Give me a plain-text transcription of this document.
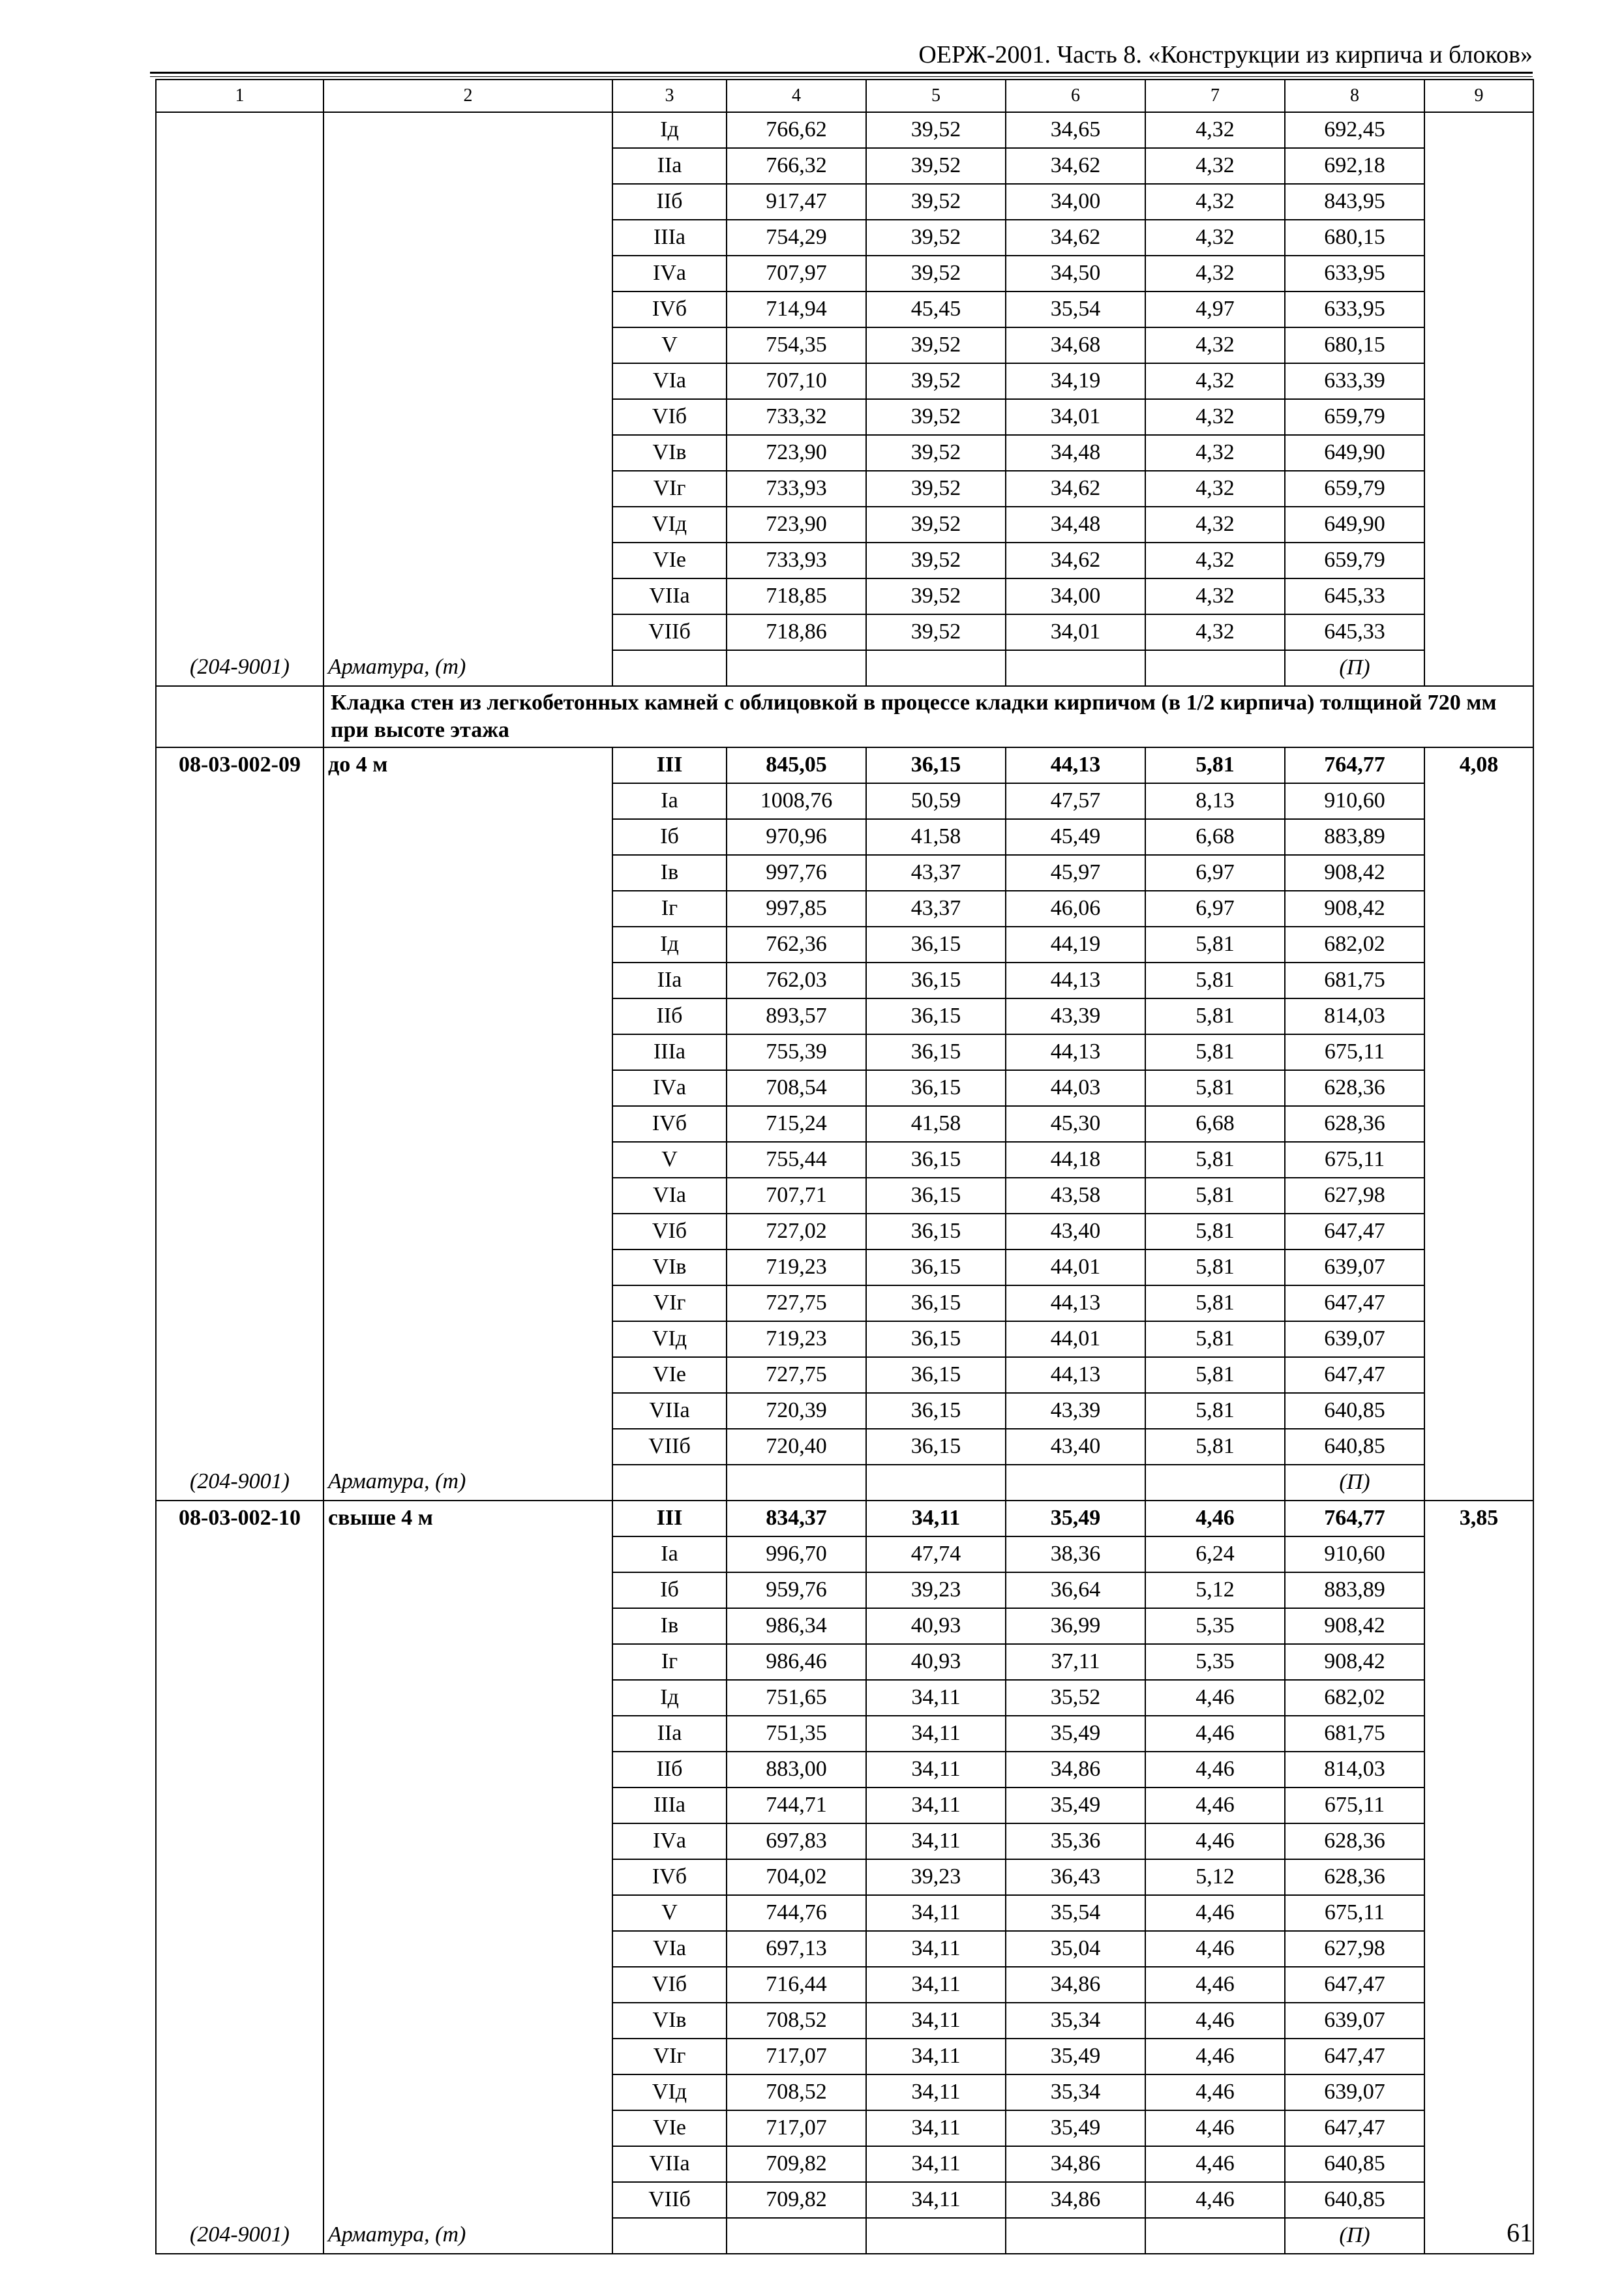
ОЕРЖ-2001. Часть 8. «Конструкции из кирпича и блоков»
1	2	3	4	5	6	7	8	9
		Iд	766,62	39,52	34,65	4,32	692,45	
		IIа	766,32	39,52	34,62	4,32	692,18	
		IIб	917,47	39,52	34,00	4,32	843,95	
		IIIа	754,29	39,52	34,62	4,32	680,15	
		IVа	707,97	39,52	34,50	4,32	633,95	
		IVб	714,94	45,45	35,54	4,97	633,95	
		V	754,35	39,52	34,68	4,32	680,15	
		VIа	707,10	39,52	34,19	4,32	633,39	
		VIб	733,32	39,52	34,01	4,32	659,79	
		VIв	723,90	39,52	34,48	4,32	649,90	
		VIг	733,93	39,52	34,62	4,32	659,79	
		VIд	723,90	39,52	34,48	4,32	649,90	
		VIе	733,93	39,52	34,62	4,32	659,79	
		VIIа	718,85	39,52	34,00	4,32	645,33	
		VIIб	718,86	39,52	34,01	4,32	645,33	
(204-9001)	Арматура, (т)						(П)	
	Кладка стен из легкобетонных камней с облицовкой в процессе кладки кирпичом (в 1/2 кирпича) толщиной 720 мм при высоте этажа							
08-03-002-09	до 4 м	III	845,05	36,15	44,13	5,81	764,77	4,08
		Iа	1008,76	50,59	47,57	8,13	910,60	
		Iб	970,96	41,58	45,49	6,68	883,89	
		Iв	997,76	43,37	45,97	6,97	908,42	
		Iг	997,85	43,37	46,06	6,97	908,42	
		Iд	762,36	36,15	44,19	5,81	682,02	
		IIа	762,03	36,15	44,13	5,81	681,75	
		IIб	893,57	36,15	43,39	5,81	814,03	
		IIIа	755,39	36,15	44,13	5,81	675,11	
		IVа	708,54	36,15	44,03	5,81	628,36	
		IVб	715,24	41,58	45,30	6,68	628,36	
		V	755,44	36,15	44,18	5,81	675,11	
		VIа	707,71	36,15	43,58	5,81	627,98	
		VIб	727,02	36,15	43,40	5,81	647,47	
		VIв	719,23	36,15	44,01	5,81	639,07	
		VIг	727,75	36,15	44,13	5,81	647,47	
		VIд	719,23	36,15	44,01	5,81	639,07	
		VIе	727,75	36,15	44,13	5,81	647,47	
		VIIа	720,39	36,15	43,39	5,81	640,85	
		VIIб	720,40	36,15	43,40	5,81	640,85	
(204-9001)	Арматура, (т)						(П)	
08-03-002-10	свыше 4 м	III	834,37	34,11	35,49	4,46	764,77	3,85
		Iа	996,70	47,74	38,36	6,24	910,60	
		Iб	959,76	39,23	36,64	5,12	883,89	
		Iв	986,34	40,93	36,99	5,35	908,42	
		Iг	986,46	40,93	37,11	5,35	908,42	
		Iд	751,65	34,11	35,52	4,46	682,02	
		IIа	751,35	34,11	35,49	4,46	681,75	
		IIб	883,00	34,11	34,86	4,46	814,03	
		IIIа	744,71	34,11	35,49	4,46	675,11	
		IVа	697,83	34,11	35,36	4,46	628,36	
		IVб	704,02	39,23	36,43	5,12	628,36	
		V	744,76	34,11	35,54	4,46	675,11	
		VIа	697,13	34,11	35,04	4,46	627,98	
		VIб	716,44	34,11	34,86	4,46	647,47	
		VIв	708,52	34,11	35,34	4,46	639,07	
		VIг	717,07	34,11	35,49	4,46	647,47	
		VIд	708,52	34,11	35,34	4,46	639,07	
		VIе	717,07	34,11	35,49	4,46	647,47	
		VIIа	709,82	34,11	34,86	4,46	640,85	
		VIIб	709,82	34,11	34,86	4,46	640,85	
(204-9001)	Арматура, (т)						(П)		61
